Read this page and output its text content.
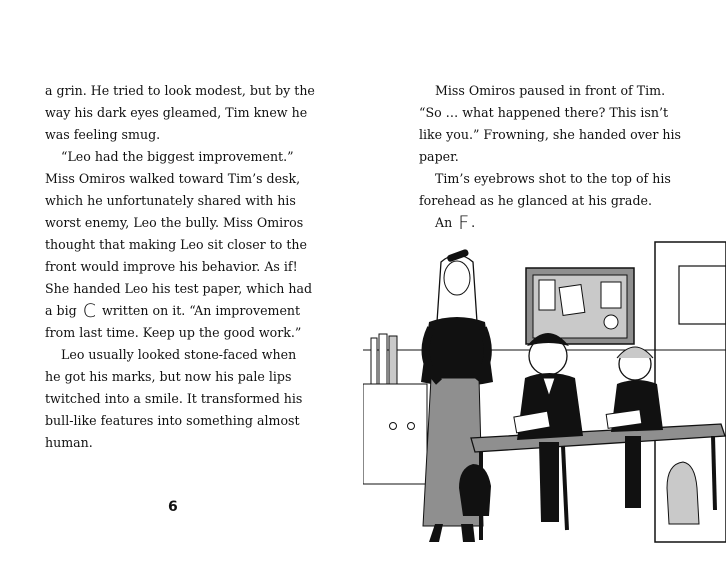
a grin. He tried to look modest, but by the
way his dark eyes gleamed, Tim knew he
was feeling smug.
“Leo had the biggest improvement.”
Miss Omiros walked toward Tim’s desk,
which he unfortunately shared with his
worst enemy, Leo the bully. Miss Omiros
thought that making Leo sit closer to the
front would improve his behavior. As if!
She handed Leo his test paper, which had
a big C written on it. “An improvement
from last time. Keep up the good work.”
Leo usually looked stone-faced when
he got his marks, but now his pale lips
twitched into a smile. It transformed his
bull-like features into something almost
human.
6
Miss Omiros paused in front of Tim.
“So … what happened there? This isn’t
like you.” Frowning, she handed over his
paper.
Tim’s eyebrows shot to the top of his
forehead as he glanced at his grade.
An F .
